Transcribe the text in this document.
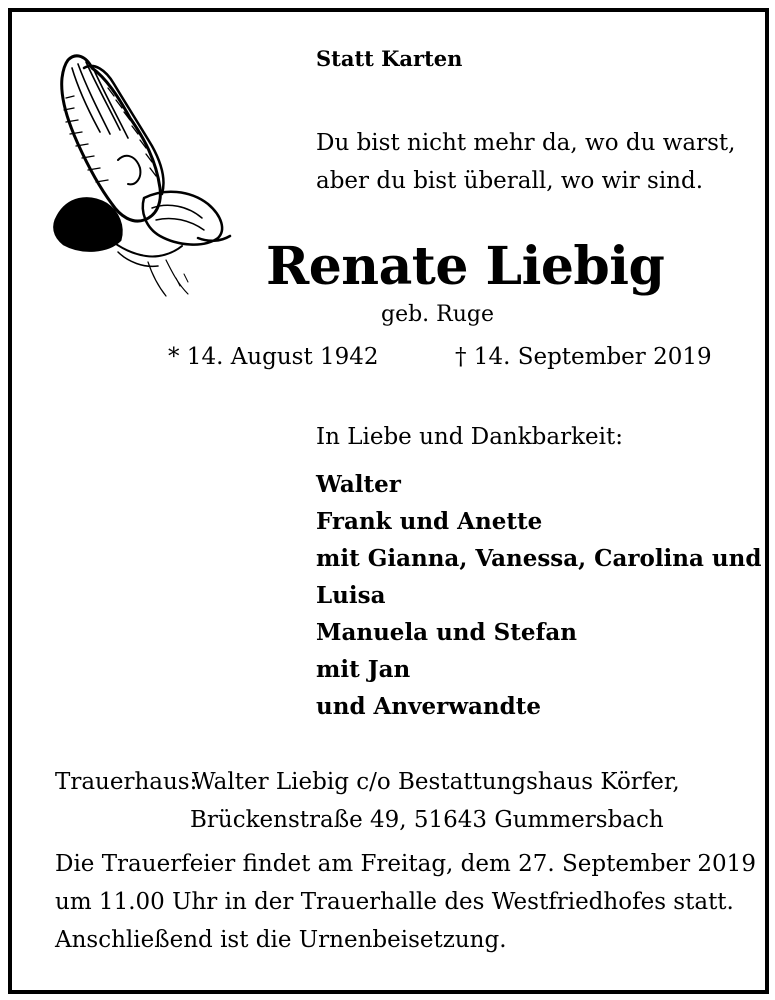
Statt Karten

Du bist nicht mehr da, wo du warst,

aber du bist überall, wo wir sind.

Renate Liebig

geb. Ruge

* 14. August 1942	† 14. September 2019

In Liebe und Dankbarkeit:

Walter
Frank und Anette
mit Gianna, Vanessa, Carolina und
Luisa
Manuela und Stefan
mit Jan
und Anverwandte

Trauerhaus:

Walter Liebig c/o Bestattungshaus Körfer,

Brückenstraße 49, 51643 Gummersbach

Die Trauerfeier findet am Freitag, dem 27. September 2019

um 11.00 Uhr in der Trauerhalle des Westfriedhofes statt.

Anschließend ist die Urnenbeisetzung.
